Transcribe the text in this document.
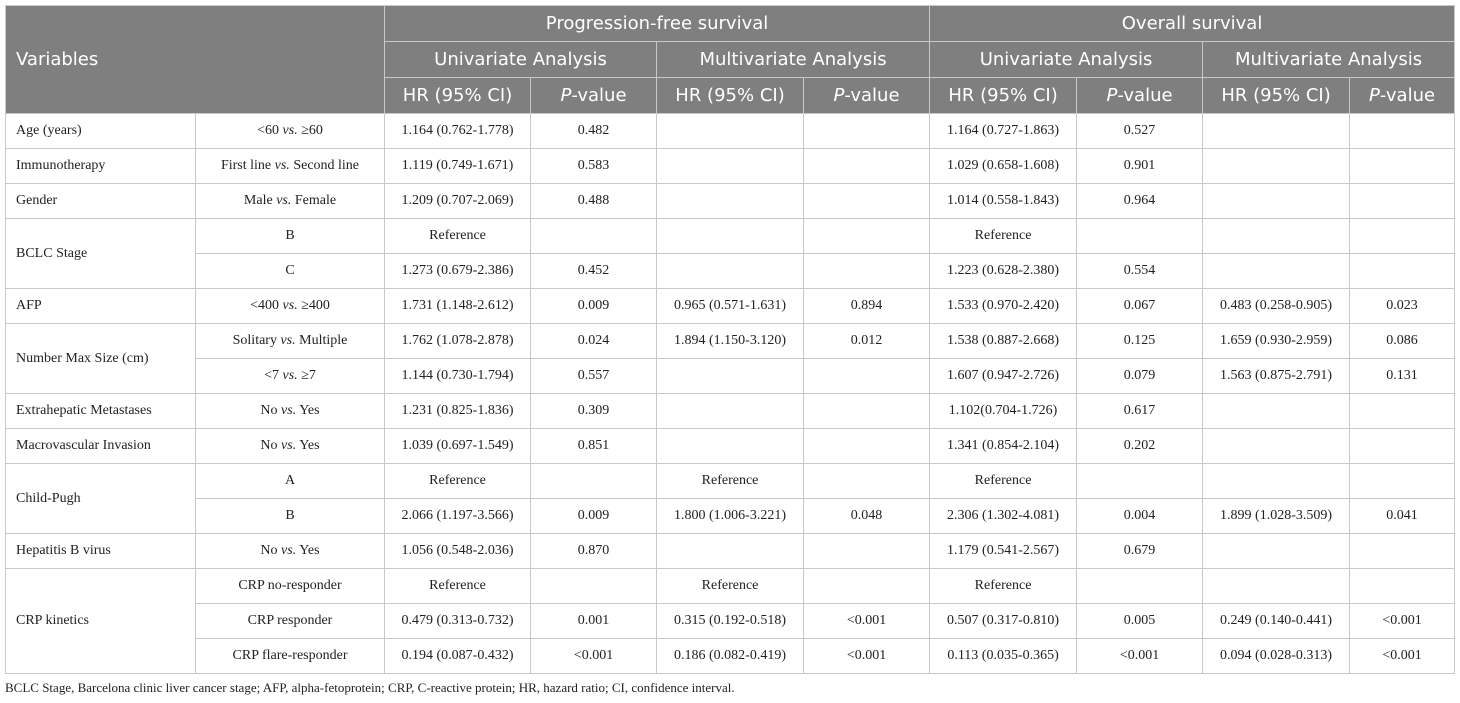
Variables		Progression-free survival				Overall survival			
		Univariate Analysis		Multivariate Analysis		Univariate Analysis		Multivariate Analysis	
		HR (95% CI)	P-value	HR (95% CI)	P-value	HR (95% CI)	P-value	HR (95% CI)	P-value
Age (years)	<60 vs. ≥60	1.164 (0.762-1.778)	0.482			1.164 (0.727-1.863)	0.527		
Immunotherapy	First line vs. Second line	1.119 (0.749-1.671)	0.583			1.029 (0.658-1.608)	0.901		
Gender	Male vs. Female	1.209 (0.707-2.069)	0.488			1.014 (0.558-1.843)	0.964		
BCLC Stage	B	Reference				Reference			
	C	1.273 (0.679-2.386)	0.452			1.223 (0.628-2.380)	0.554		
AFP	<400 vs. ≥400	1.731 (1.148-2.612)	0.009	0.965 (0.571-1.631)	0.894	1.533 (0.970-2.420)	0.067	0.483 (0.258-0.905)	0.023
Number Max Size (cm)	Solitary vs. Multiple	1.762 (1.078-2.878)	0.024	1.894 (1.150-3.120)	0.012	1.538 (0.887-2.668)	0.125	1.659 (0.930-2.959)	0.086
	<7 vs. ≥7	1.144 (0.730-1.794)	0.557			1.607 (0.947-2.726)	0.079	1.563 (0.875-2.791)	0.131
Extrahepatic Metastases	No vs. Yes	1.231 (0.825-1.836)	0.309			1.102(0.704-1.726)	0.617		
Macrovascular Invasion	No vs. Yes	1.039 (0.697-1.549)	0.851			1.341 (0.854-2.104)	0.202		
Child-Pugh	A	Reference		Reference		Reference			
	B	2.066 (1.197-3.566)	0.009	1.800 (1.006-3.221)	0.048	2.306 (1.302-4.081)	0.004	1.899 (1.028-3.509)	0.041
Hepatitis B virus	No vs. Yes	1.056 (0.548-2.036)	0.870			1.179 (0.541-2.567)	0.679		
CRP kinetics	CRP no-responder	Reference		Reference		Reference			
	CRP responder	0.479 (0.313-0.732)	0.001	0.315 (0.192-0.518)	<0.001	0.507 (0.317-0.810)	0.005	0.249 (0.140-0.441)	<0.001
	CRP flare-responder	0.194 (0.087-0.432)	<0.001	0.186 (0.082-0.419)	<0.001	0.113 (0.035-0.365)	<0.001	0.094 (0.028-0.313)	<0.001
BCLC Stage, Barcelona clinic liver cancer stage; AFP, alpha-fetoprotein; CRP, C-reactive protein; HR, hazard ratio; CI, confidence interval.
